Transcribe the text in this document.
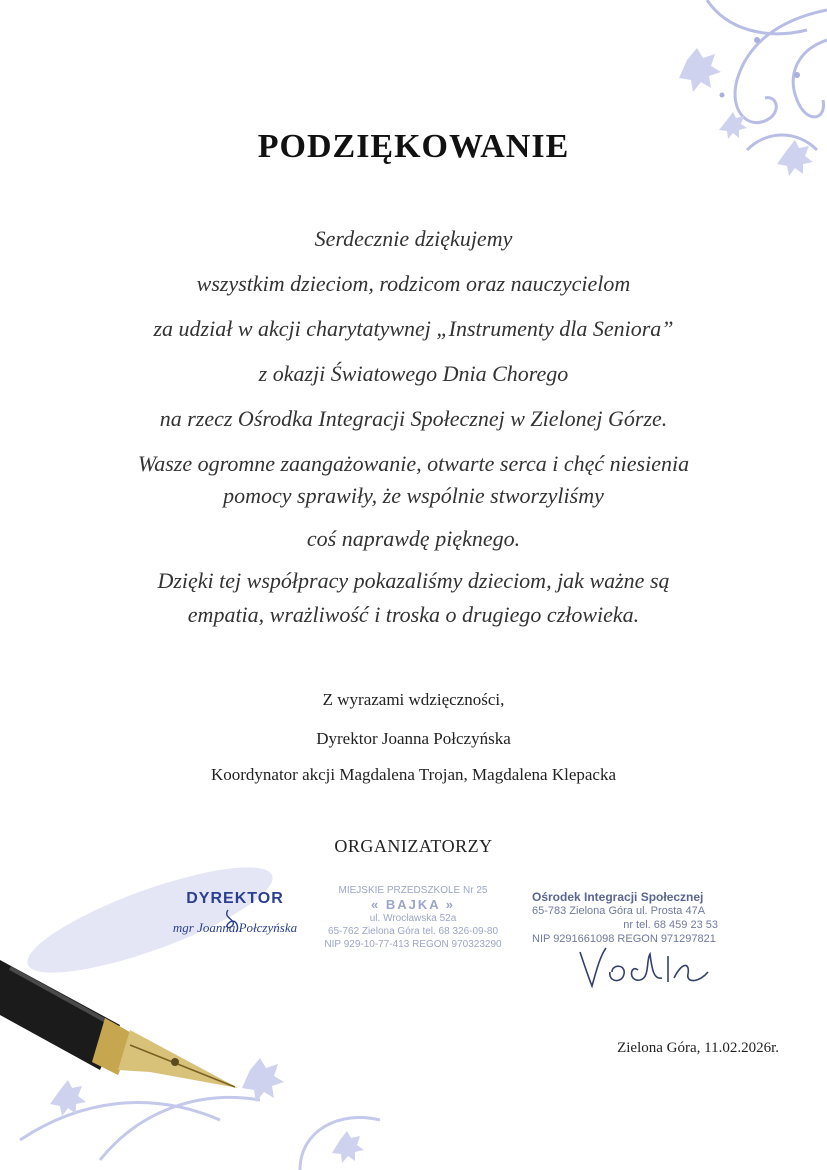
PODZIĘKOWANIE
Serdecznie dziękujemy
wszystkim dzieciom, rodzicom oraz nauczycielom
za udział w akcji charytatywnej „Instrumenty dla Seniora”
z okazji Światowego Dnia Chorego
na rzecz Ośrodka Integracji Społecznej w Zielonej Górze.
Wasze ogromne zaangażowanie, otwarte serca i chęć niesienia
pomocy sprawiły, że wspólnie stworzyliśmy
coś naprawdę pięknego.
Dzięki tej współpracy pokazaliśmy dzieciom, jak ważne są
empatia, wrażliwość i troska o drugiego człowieka.
Z wyrazami wdzięczności,
Dyrektor Joanna Połczyńska
Koordynator akcji Magdalena Trojan, Magdalena Klepacka
ORGANIZATORZY
DYREKTOR
mgr Joanna Połczyńska
MIEJSKIE PRZEDSZKOLE Nr 25
« BAJKA »
ul. Wrocławska 52a
65-762 Zielona Góra tel. 68 326-09-80
NIP 929-10-77-413 REGON 970323290
Ośrodek Integracji Społecznej
65-783 Zielona Góra ul. Prosta 47A
nr tel. 68 459 23 53
NIP 9291661098 REGON 971297821
Zielona Góra, 11.02.2026r.
